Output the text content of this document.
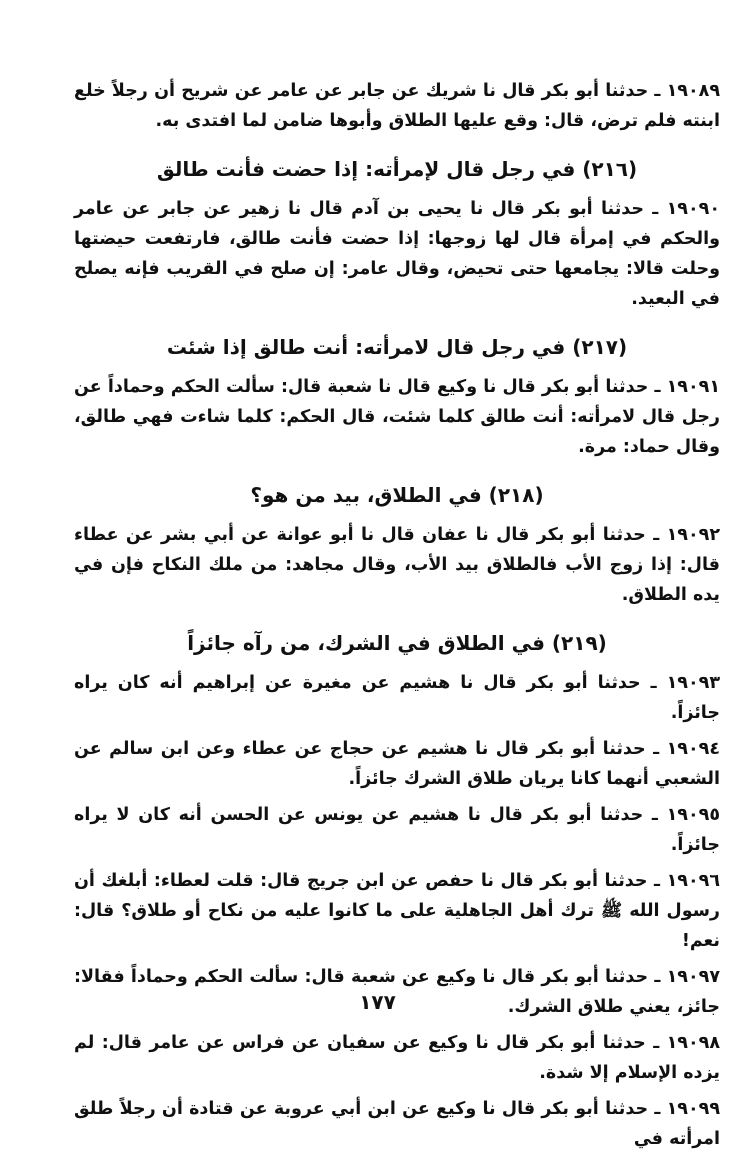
١٩٠٨٩ ـ حدثنا أبو بكر قال نا شريك عن جابر عن عامر عن شريح أن رجلاً خلع ابنته فلم ترض، قال: وقع عليها الطلاق وأبوها ضامن لما افتدى به.

(٢١٦) في رجل قال لإمرأته: إذا حضت فأنت طالق

١٩٠٩٠ ـ حدثنا أبو بكر قال نا يحيى بن آدم قال نا زهير عن جابر عن عامر والحكم في إمرأة قال لها زوجها: إذا حضت فأنت طالق، فارتفعت حيضتها وحلت قالا: يجامعها حتى تحيض، وقال عامر: إن صلح في القريب فإنه يصلح في البعيد.

(٢١٧) في رجل قال لامرأته: أنت طالق إذا شئت

١٩٠٩١ ـ حدثنا أبو بكر قال نا وكيع قال نا شعبة قال: سألت الحكم وحماداً عن رجل قال لامرأته: أنت طالق كلما شئت، قال الحكم: كلما شاءت فهي طالق، وقال حماد: مرة.

(٢١٨) في الطلاق، بيد من هو؟

١٩٠٩٢ ـ حدثنا أبو بكر قال نا عفان قال نا أبو عوانة عن أبي بشر عن عطاء قال: إذا زوج الأب فالطلاق بيد الأب، وقال مجاهد: من ملك النكاح فإن في يده الطلاق.

(٢١٩) في الطلاق في الشرك، من رآه جائزاً

١٩٠٩٣ ـ حدثنا أبو بكر قال نا هشيم عن مغيرة عن إبراهيم أنه كان يراه جائزاً.

١٩٠٩٤ ـ حدثنا أبو بكر قال نا هشيم عن حجاج عن عطاء وعن ابن سالم عن الشعبي أنهما كانا يريان طلاق الشرك جائزاً.

١٩٠٩٥ ـ حدثنا أبو بكر قال نا هشيم عن يونس عن الحسن أنه كان لا يراه جائزاً.

١٩٠٩٦ ـ حدثنا أبو بكر قال نا حفص عن ابن جريج قال: قلت لعطاء: أبلغك أن رسول الله ﷺ ترك أهل الجاهلية على ما كانوا عليه من نكاح أو طلاق؟ قال: نعم!

١٩٠٩٧ ـ حدثنا أبو بكر قال نا وكيع عن شعبة قال: سألت الحكم وحماداً فقالا: جائز، يعني طلاق الشرك.

١٩٠٩٨ ـ حدثنا أبو بكر قال نا وكيع عن سفيان عن فراس عن عامر قال: لم يزده الإسلام إلا شدة.

١٩٠٩٩ ـ حدثنا أبو بكر قال نا وكيع عن ابن أبي عروبة عن قتادة أن رجلاً طلق امرأته في

١٧٧
